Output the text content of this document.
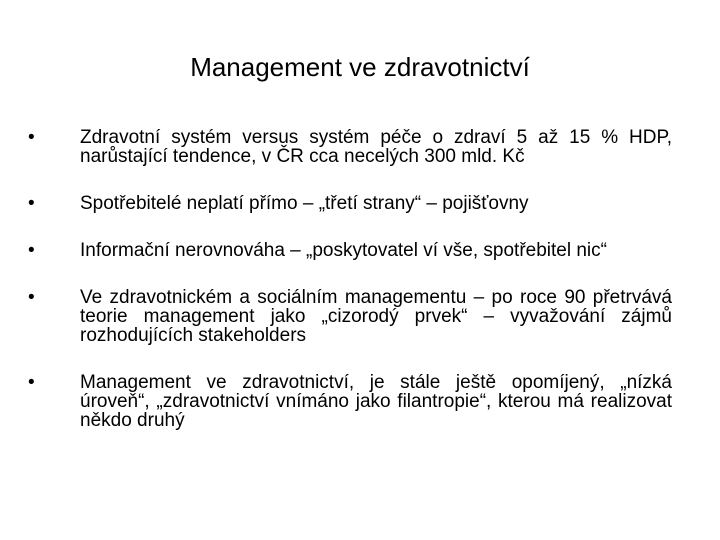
Management ve zdravotnictví
•	Zdravotní systém versus systém péče o zdraví 5 až 15 % HDP, narůstající tendence, v ČR cca necelých 300 mld. Kč
•	Spotřebitelé neplatí přímo – „třetí strany“ – pojišťovny
•	Informační nerovnováha – „poskytovatel ví vše, spotřebitel nic“
•	Ve zdravotnickém a sociálním managementu – po roce 90 přetrvává teorie management jako „cizorodý prvek“ – vyvažování zájmů rozhodujících stakeholders
•	Management ve zdravotnictví, je stále ještě opomíjený, „nízká úroveň“, „zdravotnictví vnímáno jako filantropie“, kterou má realizovat někdo druhý
